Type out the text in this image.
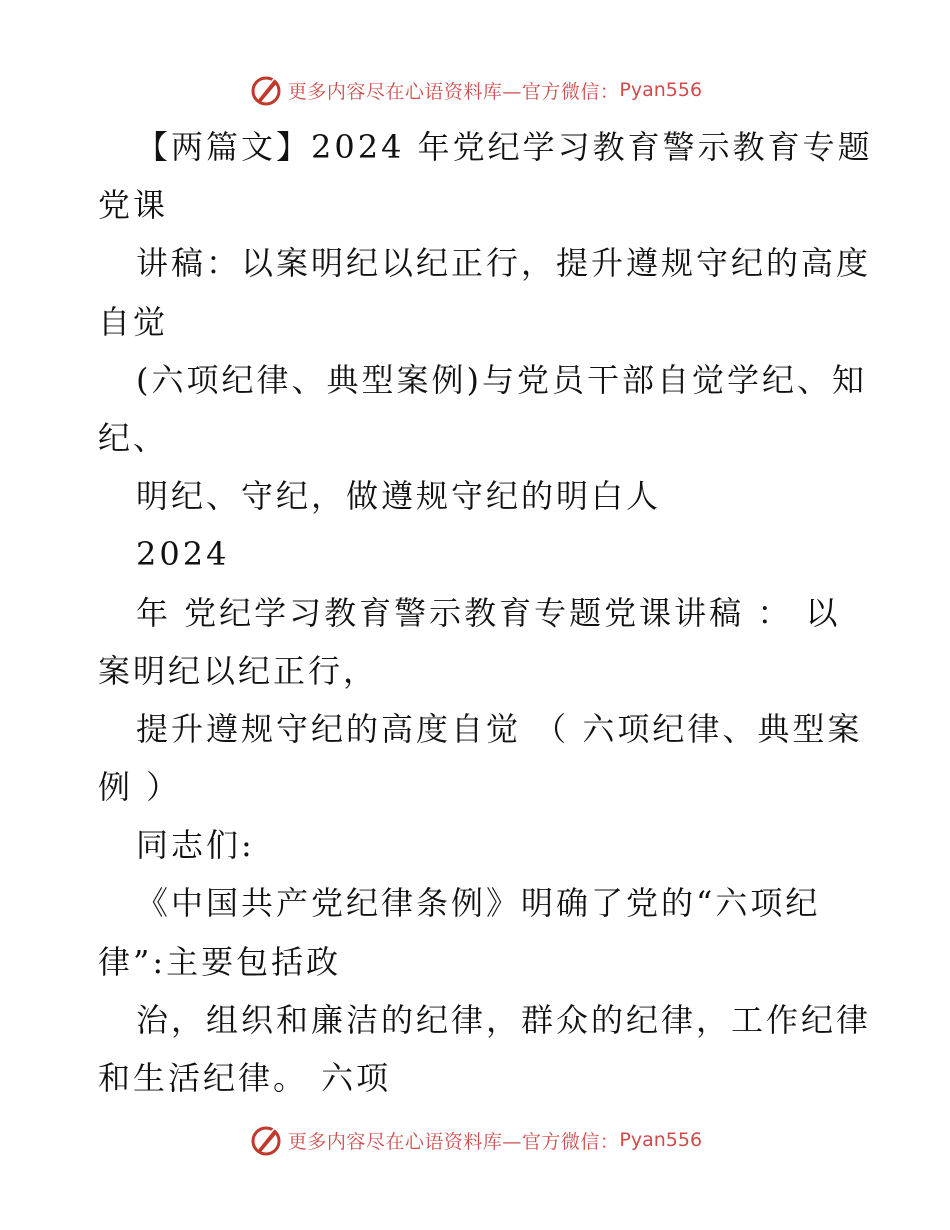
更多内容尽在心语资料库—官方微信： Pyan556
【两篇文】2024 年党纪学习教育警示教育专题
党课
讲稿：以案明纪以纪正行，提升遵规守纪的高度
自觉
(六项纪律、典型案例)与党员干部自觉学纪、知
纪、
明纪、守纪，做遵规守纪的明白人
2024
年 党纪学习教育警示教育专题党课讲稿 ： 以
案明纪以纪正行，
提升遵规守纪的高度自觉 （ 六项纪律、典型案
例 ）
同志们:
《中国共产党纪律条例》明确了党的“六项纪
律”:主要包括政
治，组织和廉洁的纪律，群众的纪律，工作纪律
和生活纪律。 六项
更多内容尽在心语资料库—官方微信： Pyan556
